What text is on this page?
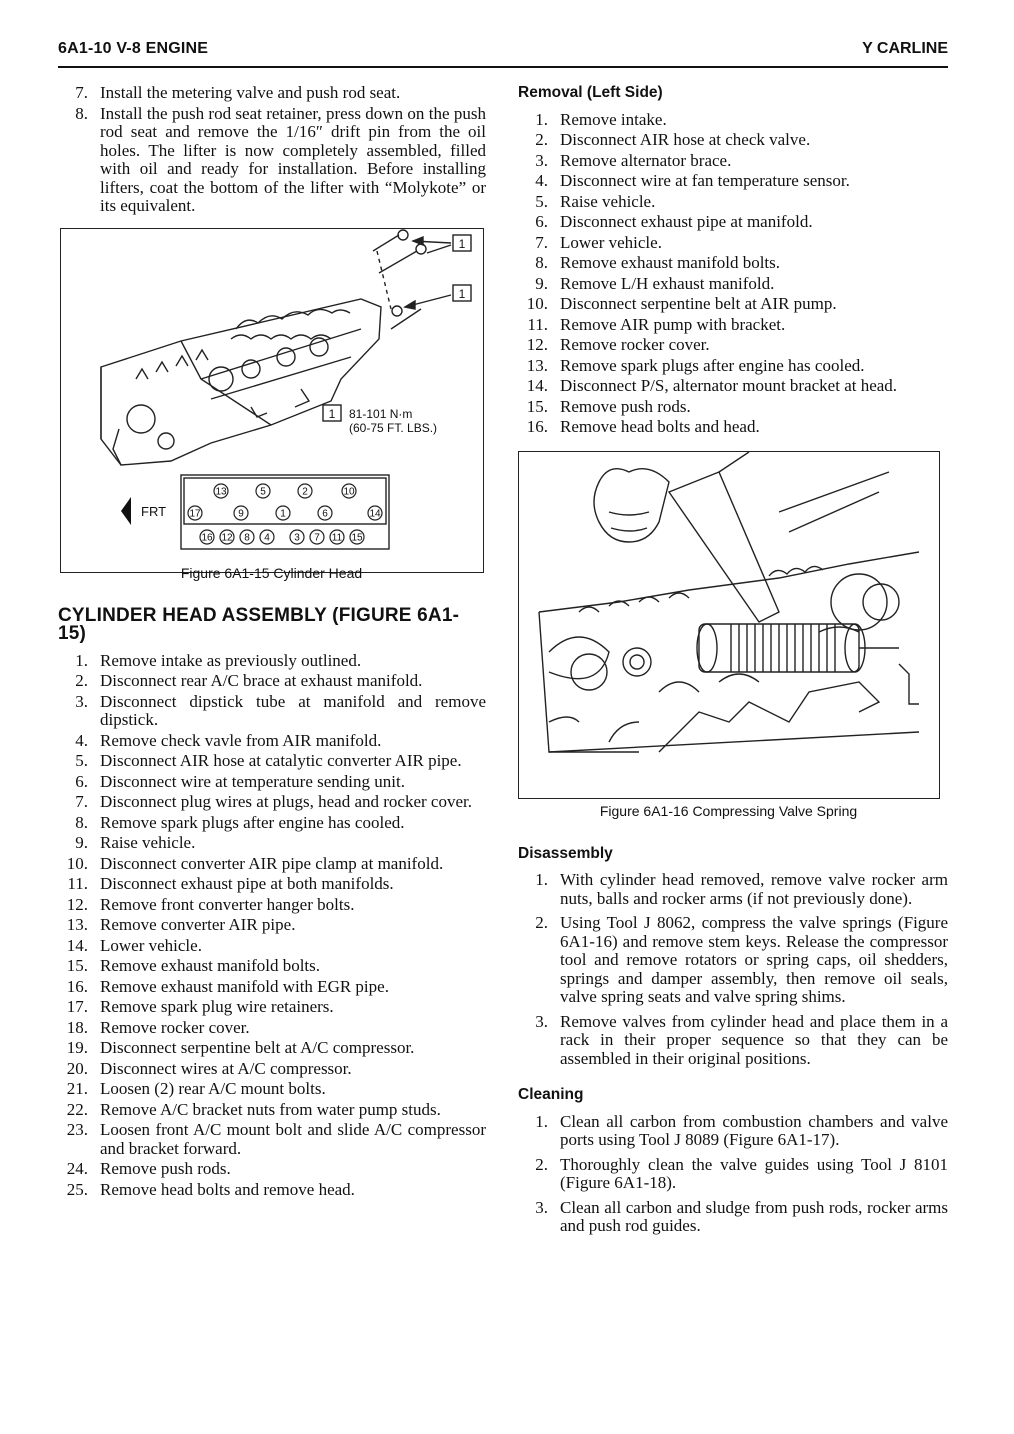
6A1-10 V-8 ENGINE	Y CARLINE
7. Install the metering valve and push rod seat.
8. Install the push rod seat retainer, press down on the push rod seat and remove the 1/16″ drift pin from the oil holes. The lifter is now completely assembled, filled with oil and ready for installation. Before installing lifters, coat the bottom of the lifter with “Molykote” or its equivalent.
1
1
1 81-101 N·m
(60-75 FT. LBS.)
FRT
13	5	2	10
17	9	1	6	14
16 12 8 4 3 7 11 15
Figure 6A1-15 Cylinder Head
CYLINDER HEAD ASSEMBLY (FIGURE 6A1-15)
1. Remove intake as previously outlined.
2. Disconnect rear A/C brace at exhaust manifold.
3. Disconnect dipstick tube at manifold and remove dipstick.
4. Remove check vavle from AIR manifold.
5. Disconnect AIR hose at catalytic converter AIR pipe.
6. Disconnect wire at temperature sending unit.
7. Disconnect plug wires at plugs, head and rocker cover.
8. Remove spark plugs after engine has cooled.
9. Raise vehicle.
10. Disconnect converter AIR pipe clamp at manifold.
11. Disconnect exhaust pipe at both manifolds.
12. Remove front converter hanger bolts.
13. Remove converter AIR pipe.
14. Lower vehicle.
15. Remove exhaust manifold bolts.
16. Remove exhaust manifold with EGR pipe.
17. Remove spark plug wire retainers.
18. Remove rocker cover.
19. Disconnect serpentine belt at A/C compressor.
20. Disconnect wires at A/C compressor.
21. Loosen (2) rear A/C mount bolts.
22. Remove A/C bracket nuts from water pump studs.
23. Loosen front A/C mount bolt and slide A/C compressor and bracket forward.
24. Remove push rods.
25. Remove head bolts and remove head.
Removal (Left Side)
1. Remove intake.
2. Disconnect AIR hose at check valve.
3. Remove alternator brace.
4. Disconnect wire at fan temperature sensor.
5. Raise vehicle.
6. Disconnect exhaust pipe at manifold.
7. Lower vehicle.
8. Remove exhaust manifold bolts.
9. Remove L/H exhaust manifold.
10. Disconnect serpentine belt at AIR pump.
11. Remove AIR pump with bracket.
12. Remove rocker cover.
13. Remove spark plugs after engine has cooled.
14. Disconnect P/S, alternator mount bracket at head.
15. Remove push rods.
16. Remove head bolts and head.
Figure 6A1-16 Compressing Valve Spring
Disassembly
1. With cylinder head removed, remove valve rocker arm nuts, balls and rocker arms (if not previously done).
2. Using Tool J 8062, compress the valve springs (Figure 6A1-16) and remove stem keys. Release the compressor tool and remove rotators or spring caps, oil shedders, springs and damper assembly, then remove oil seals, valve spring seats and valve spring shims.
3. Remove valves from cylinder head and place them in a rack in their proper sequence so that they can be assembled in their original positions.
Cleaning
1. Clean all carbon from combustion chambers and valve ports using Tool J 8089 (Figure 6A1-17).
2. Thoroughly clean the valve guides using Tool J 8101 (Figure 6A1-18).
3. Clean all carbon and sludge from push rods, rocker arms and push rod guides.
